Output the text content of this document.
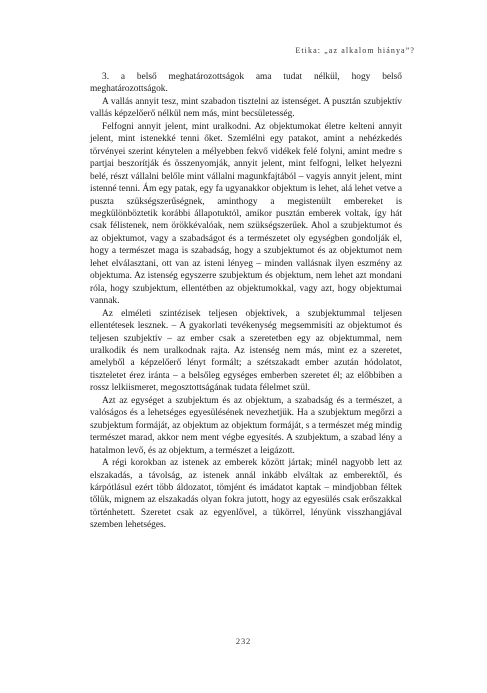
Etika: „az alkalom hiánya”?

3. a belső meghatározottságok ama tudat nélkül, hogy belső meghatározottságok.

A vallás annyit tesz, mint szabadon tisztelni az istenséget. A pusztán szubjektív vallás képzelőerő nélkül nem más, mint becsületesség.

Felfogni annyit jelent, mint uralkodni. Az objektumokat életre kelteni annyit jelent, mint istenekké tenni őket. Szemlélni egy patakot, amint a nehézkedés törvényei szerint kénytelen a mélyebben fekvő vidékek felé folyni, amint medre s partjai beszorítják és összenyomják, annyit jelent, mint felfogni, lelket helyezni belé, részt vállalni belőle mint vállalni magunkfajtából – vagyis annyit jelent, mint istenné tenni. Ám egy patak, egy fa ugyanakkor objektum is lehet, alá lehet vetve a puszta szükségszerűségnek, aminthogy a megistenült embereket is megkülönböztetik korábbi állapotuktól, amikor pusztán emberek voltak, így hát csak félistenek, nem örökkévalóak, nem szükségszerűek. Ahol a szubjektumot és az objektumot, vagy a szabadságot és a természetet oly egységben gondolják el, hogy a természet maga is szabadság, hogy a szubjektumot és az objektumot nem lehet elválasztani, ott van az isteni lényeg – minden vallásnak ilyen eszmény az objektuma. Az istenség egyszerre szubjektum és objektum, nem lehet azt mondani róla, hogy szubjektum, ellentétben az objektumokkal, vagy azt, hogy objektumai vannak.

Az elméleti szintézisek teljesen objektívek, a szubjektummal teljesen ellentétesek lesznek. – A gyakorlati tevékenység megsemmisíti az objektumot és teljesen szubjektív – az ember csak a szeretetben egy az objektummal, nem uralkodik és nem uralkodnak rajta. Az istenség nem más, mint ez a szeretet, amelyből a képzelőerő lényt formált; a szétszakadt ember azután hódolatot, tiszteletet érez iránta – a belsőleg egységes emberben szeretet él; az előbbiben a rossz lelkiismeret, megosztottságának tudata félelmet szül.

Azt az egységet a szubjektum és az objektum, a szabadság és a természet, a valóságos és a lehetséges egyesülésének nevezhetjük. Ha a szubjektum megőrzi a szubjektum formáját, az objektum az objektum formáját, s a természet még mindig természet marad, akkor nem ment végbe egyesítés. A szubjektum, a szabad lény a hatalmon levő, és az objektum, a természet a leigázott.

A régi korokban az istenek az emberek között jártak; minél nagyobb lett az elszakadás, a távolság, az istenek annál inkább elváltak az emberektől, és kárpótlásul ezért több áldozatot, tömjént és imádatot kaptak – mindjobban féltek tőlük, mignem az elszakadás olyan fokra jutott, hogy az egyesülés csak erőszakkal történhetett. Szeretet csak az egyenlővel, a tükörrel, lényünk visszhangjával szemben lehetséges.

232
